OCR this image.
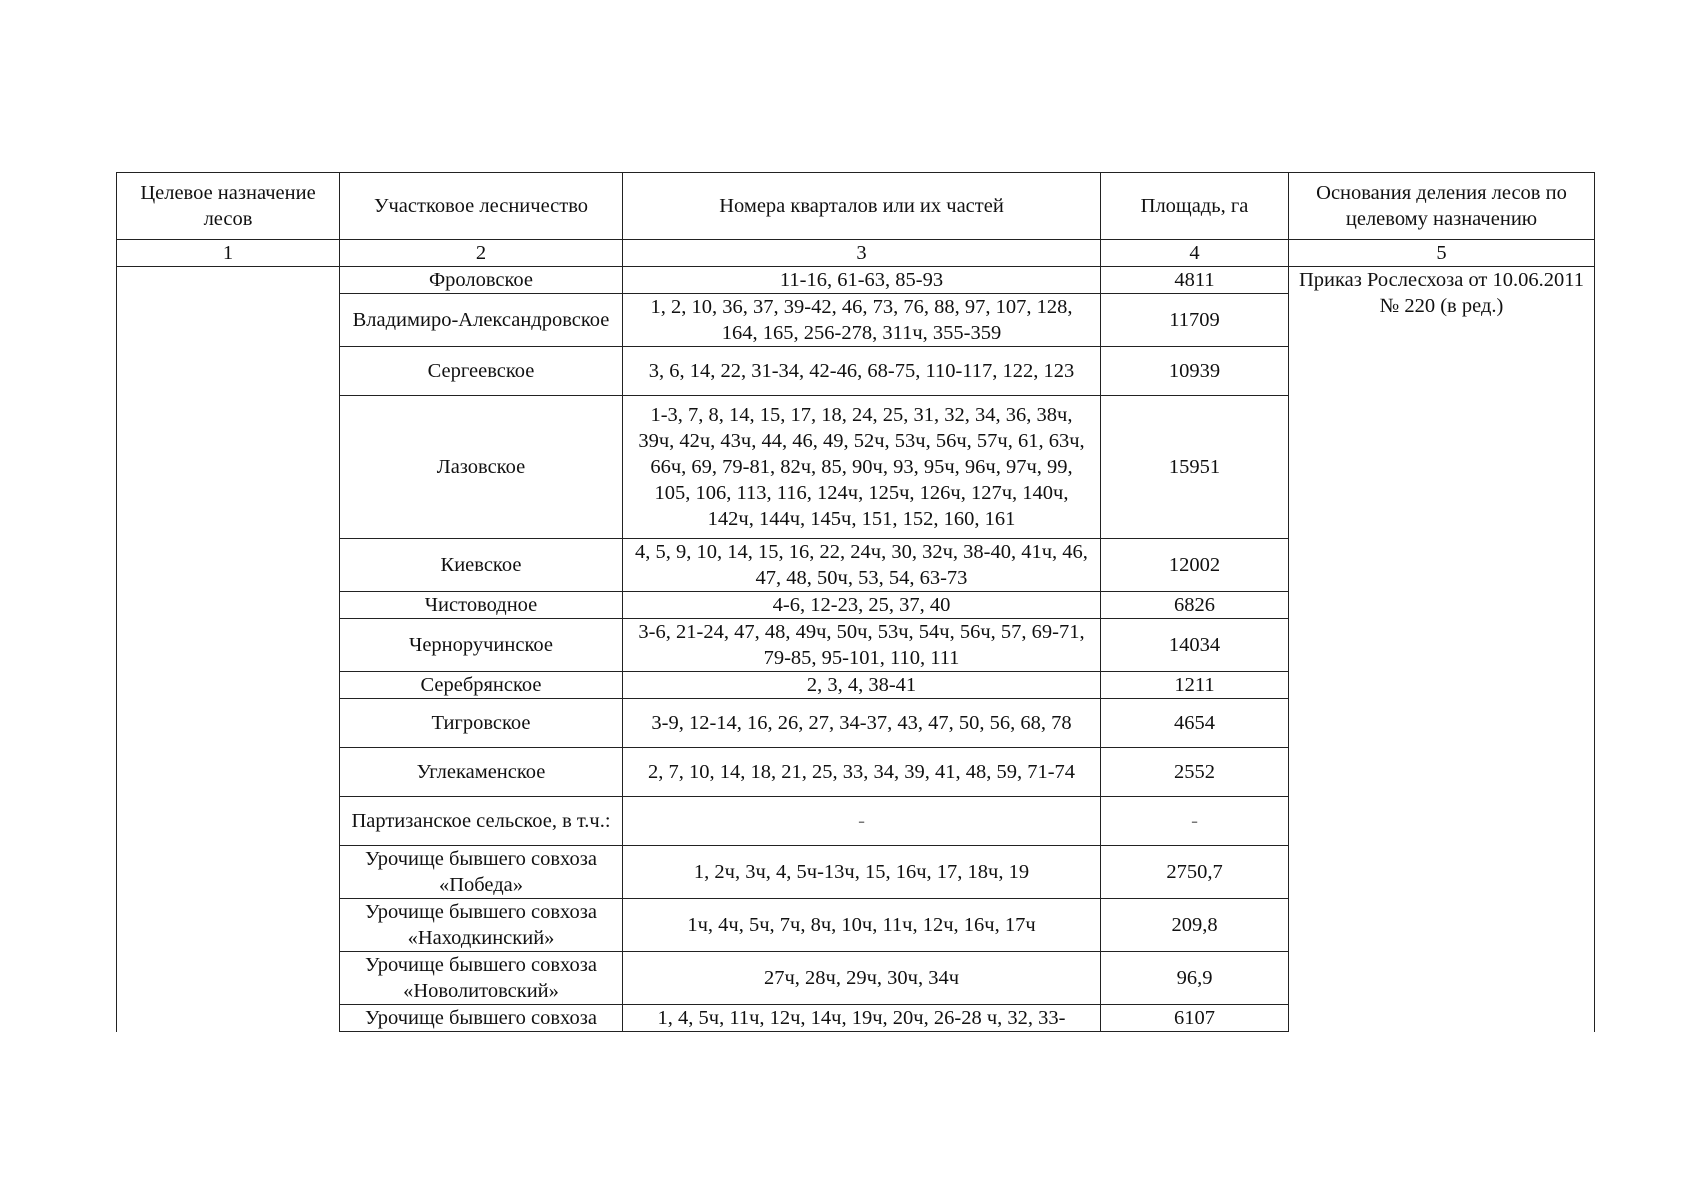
Целевое назначение лесов	Участковое лесничество	Номера кварталов или их частей	Площадь, га	Основания деления лесов по целевому назначению
1	2	3	4	5
	Фроловское	11-16, 61-63, 85-93	4811	Приказ Рослесхоза от 10.06.2011 № 220 (в ред.)
	Владимиро-Александровское	1, 2, 10, 36, 37, 39-42, 46, 73, 76, 88, 97, 107, 128, 164, 165, 256-278, 311ч, 355-359	11709	
	Сергеевское	3, 6, 14, 22, 31-34, 42-46, 68-75, 110-117, 122, 123	10939	
	Лазовское	1-3, 7, 8, 14, 15, 17, 18, 24, 25, 31, 32, 34, 36, 38ч, 39ч, 42ч, 43ч, 44, 46, 49, 52ч, 53ч, 56ч, 57ч, 61, 63ч, 66ч, 69, 79-81, 82ч, 85, 90ч, 93, 95ч, 96ч, 97ч, 99, 105, 106, 113, 116, 124ч, 125ч, 126ч, 127ч, 140ч, 142ч, 144ч, 145ч, 151, 152, 160, 161	15951	
	Киевское	4, 5, 9, 10, 14, 15, 16, 22, 24ч, 30, 32ч, 38-40, 41ч, 46, 47, 48, 50ч, 53, 54, 63-73	12002	
	Чистоводное	4-6, 12-23, 25, 37, 40	6826	
	Черноручинское	3-6, 21-24, 47, 48, 49ч, 50ч, 53ч, 54ч, 56ч, 57, 69-71, 79-85, 95-101, 110, 111	14034	
	Серебрянское	2, 3, 4, 38-41	1211	
	Тигровское	3-9, 12-14, 16, 26, 27, 34-37, 43, 47, 50, 56, 68, 78	4654	
	Углекаменское	2, 7, 10, 14, 18, 21, 25, 33, 34, 39, 41, 48, 59, 71-74	2552	
	Партизанское сельское, в т.ч.:	-	-	
	Урочище бывшего совхоза «Победа»	1, 2ч, 3ч, 4, 5ч-13ч, 15, 16ч, 17, 18ч, 19	2750,7	
	Урочище бывшего совхоза «Находкинский»	1ч, 4ч, 5ч, 7ч, 8ч, 10ч, 11ч, 12ч, 16ч, 17ч	209,8	
	Урочище бывшего совхоза «Новолитовский»	27ч, 28ч, 29ч, 30ч, 34ч	96,9	
	Урочище бывшего совхоза	1, 4, 5ч, 11ч, 12ч, 14ч, 19ч, 20ч, 26-28 ч, 32, 33-	6107	
